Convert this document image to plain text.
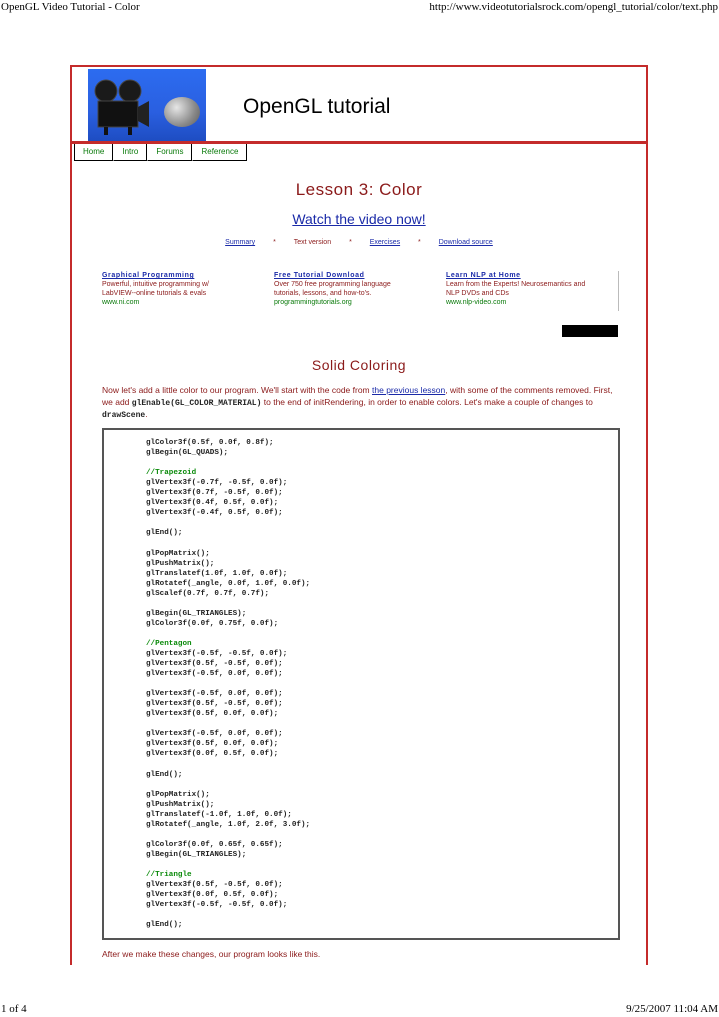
OpenGL Video Tutorial - Color	http://www.videotutorialsrock.com/opengl_tutorial/color/text.php
OpenGL tutorial
Home	Intro	Forums	Reference
Lesson 3: Color
Watch the video now!
Summary	*	Text version	*	Exercises	*	Download source
Graphical Programming
Powerful, intuitive programming w/
LabVIEW--online tutorials & evals
www.ni.com
Free Tutorial Download
Over 750 free programming language
tutorials, lessons, and how-to's.
programmingtutorials.org
Learn NLP at Home
Learn from the Experts! Neurosemantics and
NLP DVDs and CDs
www.nlp-video.com
Solid Coloring
Now let's add a little color to our program. We'll start with the code from the previous lesson, with some of the comments removed. First, we add glEnable(GL_COLOR_MATERIAL) to the end of initRendering, in order to enable colors. Let's make a couple of changes to drawScene.
glColor3f(0.5f, 0.0f, 0.8f);
glBegin(GL_QUADS);

//Trapezoid
glVertex3f(-0.7f, -0.5f, 0.0f);
glVertex3f(0.7f, -0.5f, 0.0f);
glVertex3f(0.4f, 0.5f, 0.0f);
glVertex3f(-0.4f, 0.5f, 0.0f);

glEnd();

glPopMatrix();
glPushMatrix();
glTranslatef(1.0f, 1.0f, 0.0f);
glRotatef(_angle, 0.0f, 1.0f, 0.0f);
glScalef(0.7f, 0.7f, 0.7f);

glBegin(GL_TRIANGLES);
glColor3f(0.0f, 0.75f, 0.0f);

//Pentagon
glVertex3f(-0.5f, -0.5f, 0.0f);
glVertex3f(0.5f, -0.5f, 0.0f);
glVertex3f(-0.5f, 0.0f, 0.0f);

glVertex3f(-0.5f, 0.0f, 0.0f);
glVertex3f(0.5f, -0.5f, 0.0f);
glVertex3f(0.5f, 0.0f, 0.0f);

glVertex3f(-0.5f, 0.0f, 0.0f);
glVertex3f(0.5f, 0.0f, 0.0f);
glVertex3f(0.0f, 0.5f, 0.0f);

glEnd();

glPopMatrix();
glPushMatrix();
glTranslatef(-1.0f, 1.0f, 0.0f);
glRotatef(_angle, 1.0f, 2.0f, 3.0f);

glColor3f(0.0f, 0.65f, 0.65f);
glBegin(GL_TRIANGLES);

//Triangle
glVertex3f(0.5f, -0.5f, 0.0f);
glVertex3f(0.0f, 0.5f, 0.0f);
glVertex3f(-0.5f, -0.5f, 0.0f);

glEnd();
After we make these changes, our program looks like this.
1 of 4	9/25/2007 11:04 AM
